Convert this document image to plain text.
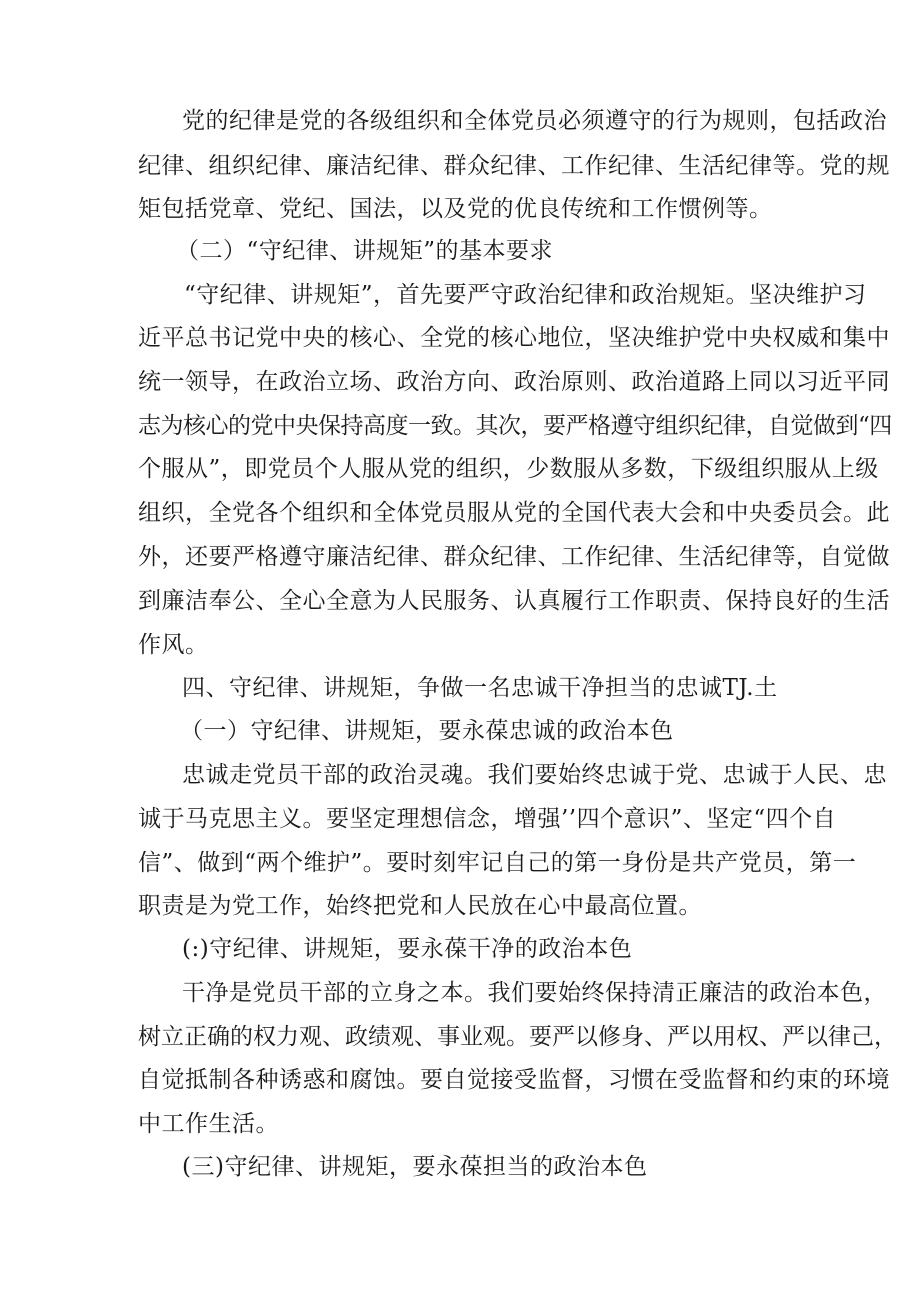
党的纪律是党的各级组织和全体党员必须遵守的行为规则，包括政治
纪律、组织纪律、廉洁纪律、群众纪律、工作纪律、生活纪律等。党的规
矩包括党章、党纪、国法，以及党的优良传统和工作惯例等。
（二）“守纪律、讲规矩”的基本要求
“守纪律、讲规矩”，首先要严守政治纪律和政治规矩。坚决维护习
近平总书记党中央的核心、全党的核心地位，坚决维护党中央权威和集中
统一领导，在政治立场、政治方向、政治原则、政治道路上同以习近平同
志为核心的党中央保持高度一致。其次，要严格遵守组织纪律，自觉做到“四
个服从”，即党员个人服从党的组织，少数服从多数，下级组织服从上级
组织，全党各个组织和全体党员服从党的全国代表大会和中央委员会。此
外，还要严格遵守廉洁纪律、群众纪律、工作纪律、生活纪律等，自觉做
到廉洁奉公、全心全意为人民服务、认真履行工作职责、保持良好的生活
作风。
四、守纪律、讲规矩，争做一名忠诚干净担当的忠诚TJ.土
（一）守纪律、讲规矩，要永葆忠诚的政治本色
忠诚走党员干部的政治灵魂。我们要始终忠诚于党、忠诚于人民、忠
诚于马克思主义。要坚定理想信念，增强’’四个意识”、坚定“四个自
信”、做到“两个维护”。要时刻牢记自己的第一身份是共产党员，第一
职责是为党工作，始终把党和人民放在心中最高位置。
(:)守纪律、讲规矩，要永葆干净的政治本色
干净是党员干部的立身之本。我们要始终保持清正廉洁的政治本色，
树立正确的权力观、政绩观、事业观。要严以修身、严以用权、严以律己，
自觉抵制各种诱惑和腐蚀。要自觉接受监督，习惯在受监督和约束的环境
中工作生活。
(三)守纪律、讲规矩，要永葆担当的政治本色
